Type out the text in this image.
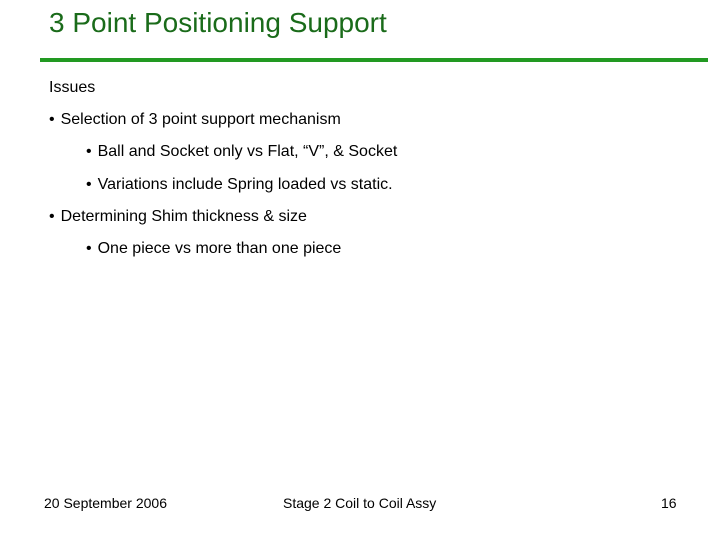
3 Point Positioning Support
Issues
• Selection of 3 point support mechanism
• Ball and Socket only vs Flat, “V”, & Socket
• Variations include Spring loaded vs static.
• Determining Shim thickness & size
• One piece vs more than one piece
20 September 2006	Stage 2 Coil to Coil Assy	16
